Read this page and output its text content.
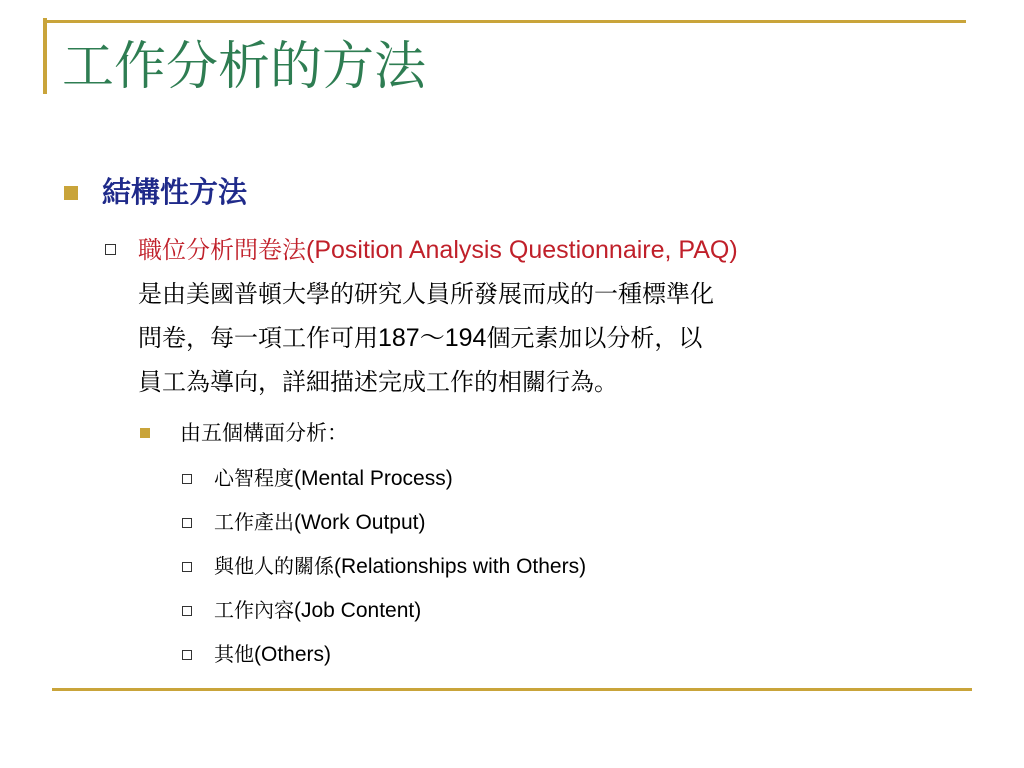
工作分析的方法
結構性方法
職位分析問卷法(Position Analysis Questionnaire, PAQ)
是由美國普頓大學的研究人員所發展而成的一種標準化
問卷，每一項工作可用187～194個元素加以分析，以
員工為導向，詳細描述完成工作的相關行為。
由五個構面分析：
心智程度(Mental Process)
工作產出(Work Output)
與他人的關係(Relationships with Others)
工作內容(Job Content)
其他(Others)
